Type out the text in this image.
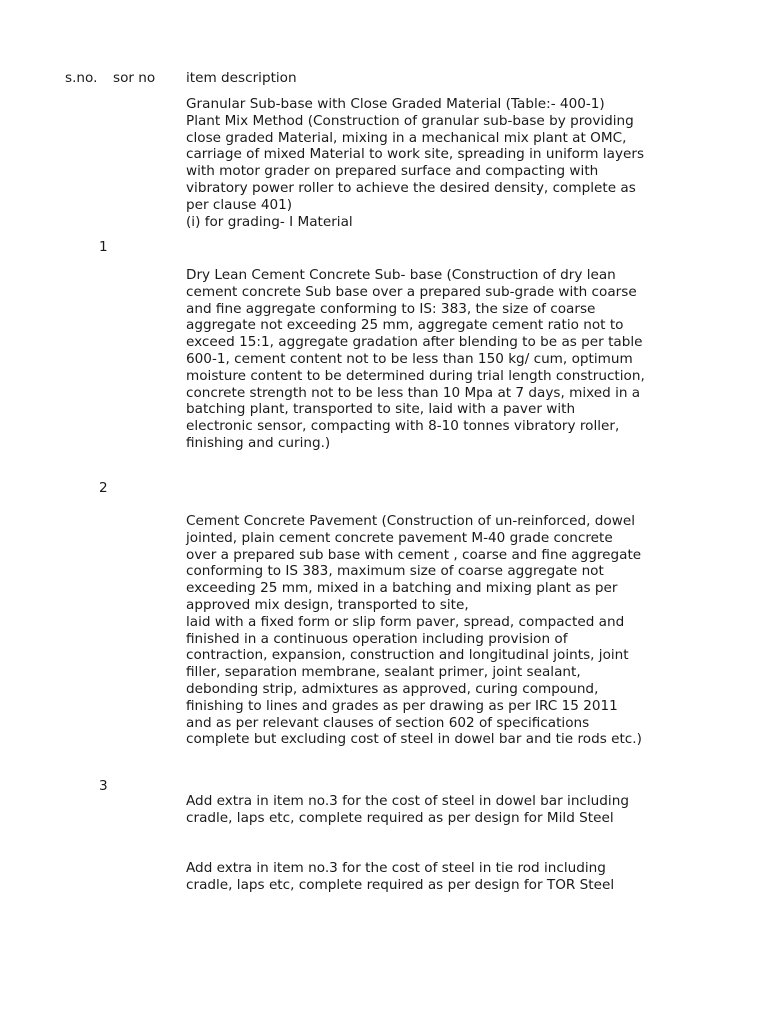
s.no. sor no item description

Granular Sub-base with Close Graded Material (Table:- 400-1)
Plant Mix Method (Construction of granular sub-base by providing close graded Material, mixing in a mechanical mix plant at OMC, carriage of mixed Material to work site, spreading in uniform layers with motor grader on prepared surface and compacting with vibratory power roller to achieve the desired density, complete as per clause 401)
(i) for grading- I Material

1

Dry Lean Cement Concrete Sub- base (Construction of dry lean cement concrete Sub base over a prepared sub-grade with coarse and fine aggregate conforming to IS: 383, the size of coarse aggregate not exceeding 25 mm, aggregate cement ratio not to exceed 15:1, aggregate gradation after blending to be as per table 600-1, cement content not to be less than 150 kg/ cum, optimum moisture content to be determined during trial length construction,
concrete strength not to be less than 10 Mpa at 7 days, mixed in a batching plant, transported to site, laid with a paver with electronic sensor, compacting with 8-10 tonnes vibratory roller, finishing and curing.)

2

Cement Concrete Pavement (Construction of un-reinforced, dowel jointed, plain cement concrete pavement M-40 grade concrete over a prepared sub base with cement , coarse and fine aggregate conforming to IS 383, maximum size of coarse aggregate not exceeding 25 mm, mixed in a batching and mixing plant as per approved mix design, transported to site,
laid with a fixed form or slip form paver, spread, compacted and finished in a continuous operation including provision of contraction, expansion, construction and longitudinal joints, joint filler, separation membrane, sealant primer, joint sealant, debonding strip, admixtures as approved, curing compound, finishing to lines and grades as per drawing as per IRC 15 2011 and as per relevant clauses of section 602 of specifications complete but excluding cost of steel in dowel bar and tie rods etc.)

3

Add extra in item no.3 for the cost of steel in dowel bar including cradle, laps etc, complete required as per design for Mild Steel

Add extra in item no.3 for the cost of steel in tie rod including cradle, laps etc, complete required as per design for TOR Steel
